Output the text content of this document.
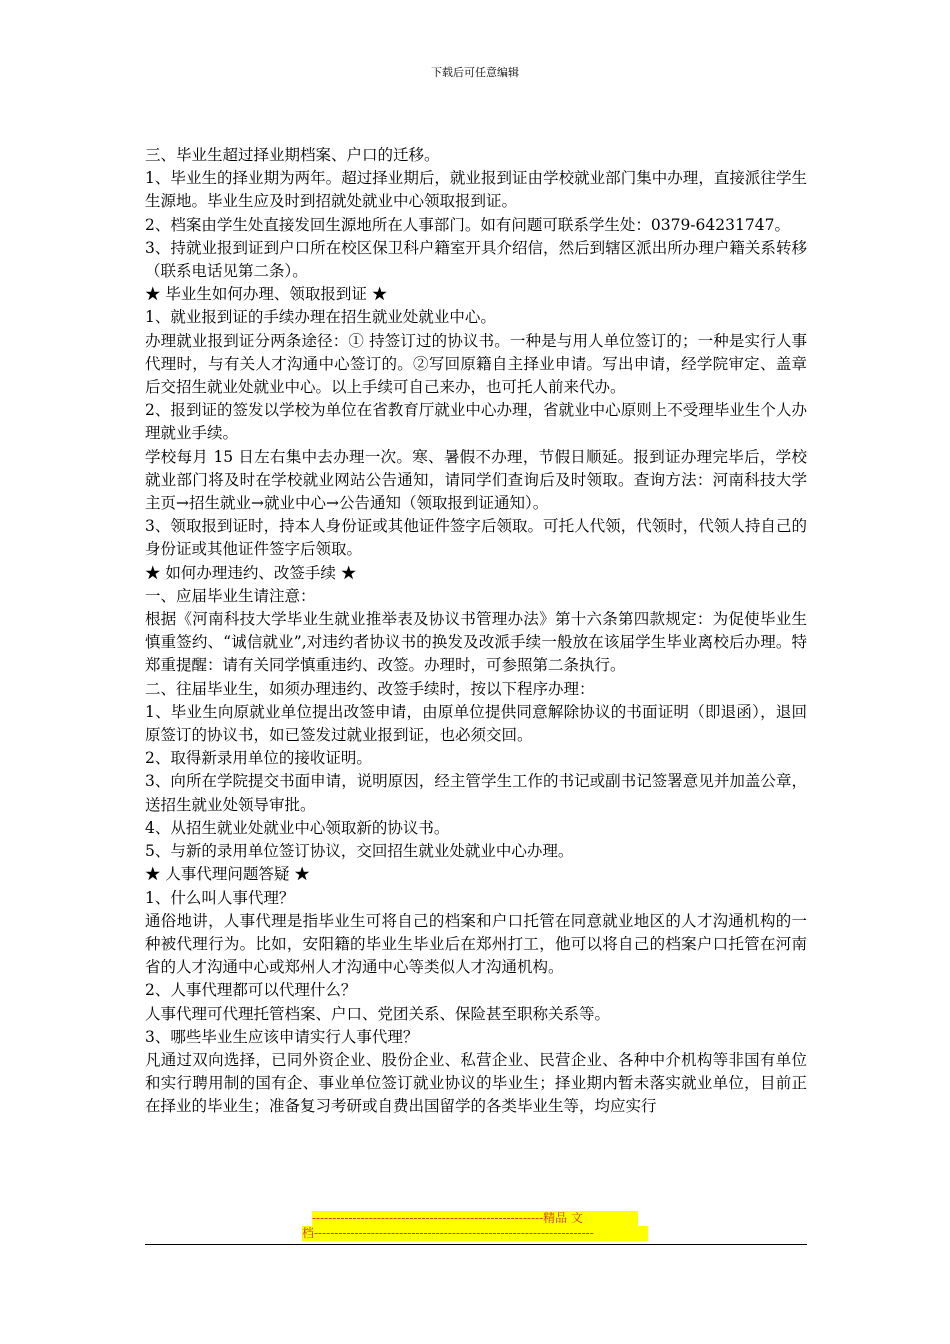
下载后可任意编辑

三、毕业生超过择业期档案、户口的迁移。

1、毕业生的择业期为两年。超过择业期后，就业报到证由学校就业部门集中办理，直接派往学生生源地。毕业生应及时到招就处就业中心领取报到证。

2、档案由学生处直接发回生源地所在人事部门。如有问题可联系学生处：0379-64231747。

3、持就业报到证到户口所在校区保卫科户籍室开具介绍信，然后到辖区派出所办理户籍关系转移（联系电话见第二条）。

★ 毕业生如何办理、领取报到证 ★

1、就业报到证的手续办理在招生就业处就业中心。

办理就业报到证分两条途径：① 持签订过的协议书。一种是与用人单位签订的；一种是实行人事代理时，与有关人才沟通中心签订的。②写回原籍自主择业申请。写出申请，经学院审定、盖章后交招生就业处就业中心。以上手续可自己来办，也可托人前来代办。

2、报到证的签发以学校为单位在省教育厅就业中心办理，省就业中心原则上不受理毕业生个人办理就业手续。

学校每月 15 日左右集中去办理一次。寒、暑假不办理，节假日顺延。报到证办理完毕后，学校就业部门将及时在学校就业网站公告通知，请同学们查询后及时领取。查询方法：河南科技大学主页→招生就业→就业中心→公告通知（领取报到证通知）。

3、领取报到证时，持本人身份证或其他证件签字后领取。可托人代领，代领时，代领人持自己的身份证或其他证件签字后领取。

★ 如何办理违约、改签手续 ★

一、应届毕业生请注意：

根据《河南科技大学毕业生就业推举表及协议书管理办法》第十六条第四款规定：为促使毕业生慎重签约、“诚信就业”,对违约者协议书的换发及改派手续一般放在该届学生毕业离校后办理。特郑重提醒：请有关同学慎重违约、改签。办理时，可参照第二条执行。

二、往届毕业生，如须办理违约、改签手续时，按以下程序办理：

1、毕业生向原就业单位提出改签申请，由原单位提供同意解除协议的书面证明（即退函），退回原签订的协议书，如已签发过就业报到证，也必须交回。

2、取得新录用单位的接收证明。

3、向所在学院提交书面申请，说明原因，经主管学生工作的书记或副书记签署意见并加盖公章，送招生就业处领导审批。

4、从招生就业处就业中心领取新的协议书。

5、与新的录用单位签订协议，交回招生就业处就业中心办理。

★ 人事代理问题答疑 ★

1、什么叫人事代理？

通俗地讲，人事代理是指毕业生可将自己的档案和户口托管在同意就业地区的人才沟通机构的一种被代理行为。比如，安阳籍的毕业生毕业后在郑州打工，他可以将自己的档案户口托管在河南省的人才沟通中心或郑州人才沟通中心等类似人才沟通机构。

2、人事代理都可以代理什么？

人事代理可代理托管档案、户口、党团关系、保险甚至职称关系等。

3、哪些毕业生应该申请实行人事代理？

凡通过双向选择，已同外资企业、股份企业、私营企业、民营企业、各种中介机构等非国有单位和实行聘用制的国有企、事业单位签订就业协议的毕业生；择业期内暂未落实就业单位，目前正在择业的毕业生；准备复习考研或自费出国留学的各类毕业生等，均应实行

---------------------------------------------------------精品 文
档---------------------------------------------------------------------
